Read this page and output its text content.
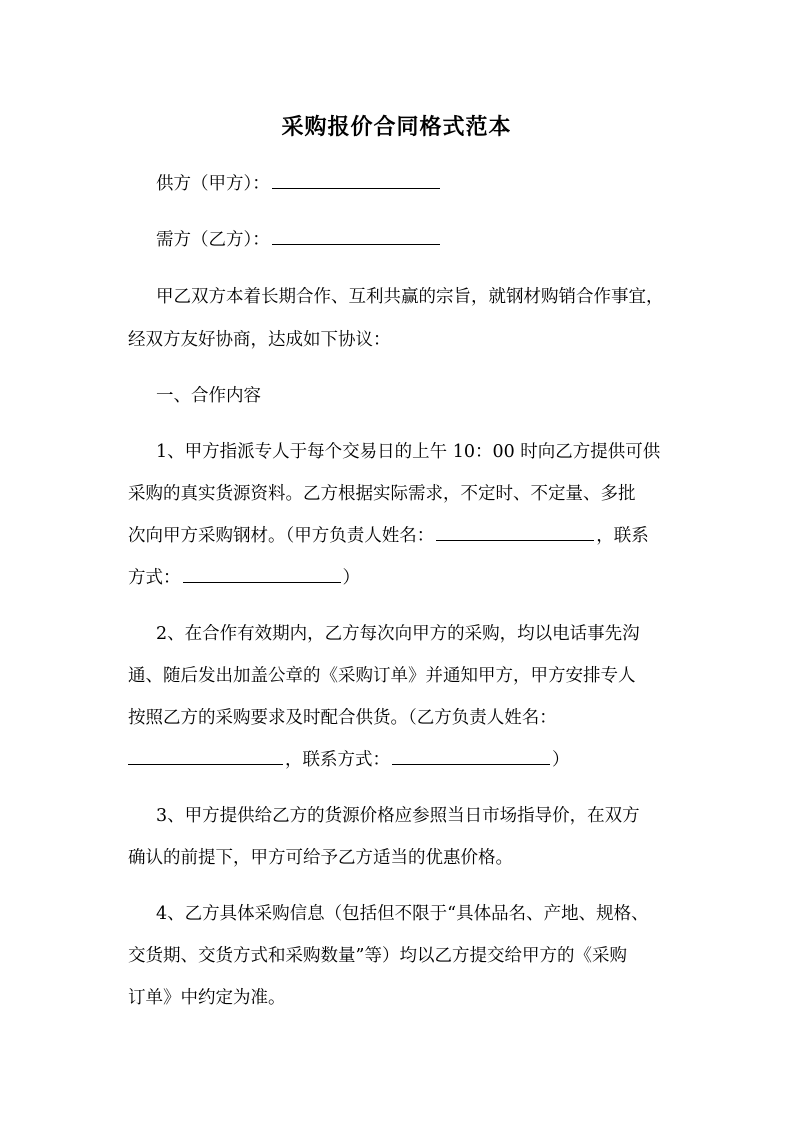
采购报价合同格式范本
供方（甲方）：
需方（乙方）：
甲乙双方本着长期合作、互利共赢的宗旨，就钢材购销合作事宜，
经双方友好协商，达成如下协议：
一、合作内容
1、甲方指派专人于每个交易日的上午 10：00 时向乙方提供可供
采购的真实货源资料。乙方根据实际需求，不定时、不定量、多批
次向甲方采购钢材。（甲方负责人姓名：	，联系
方式：	）
2、在合作有效期内，乙方每次向甲方的采购，均以电话事先沟
通、随后发出加盖公章的《采购订单》并通知甲方，甲方安排专人
按照乙方的采购要求及时配合供货。（乙方负责人姓名：
，联系方式：	）
3、甲方提供给乙方的货源价格应参照当日市场指导价，在双方
确认的前提下，甲方可给予乙方适当的优惠价格。
4、乙方具体采购信息（包括但不限于“具体品名、产地、规格、
交货期、交货方式和采购数量”等）均以乙方提交给甲方的《采购
订单》中约定为准。
